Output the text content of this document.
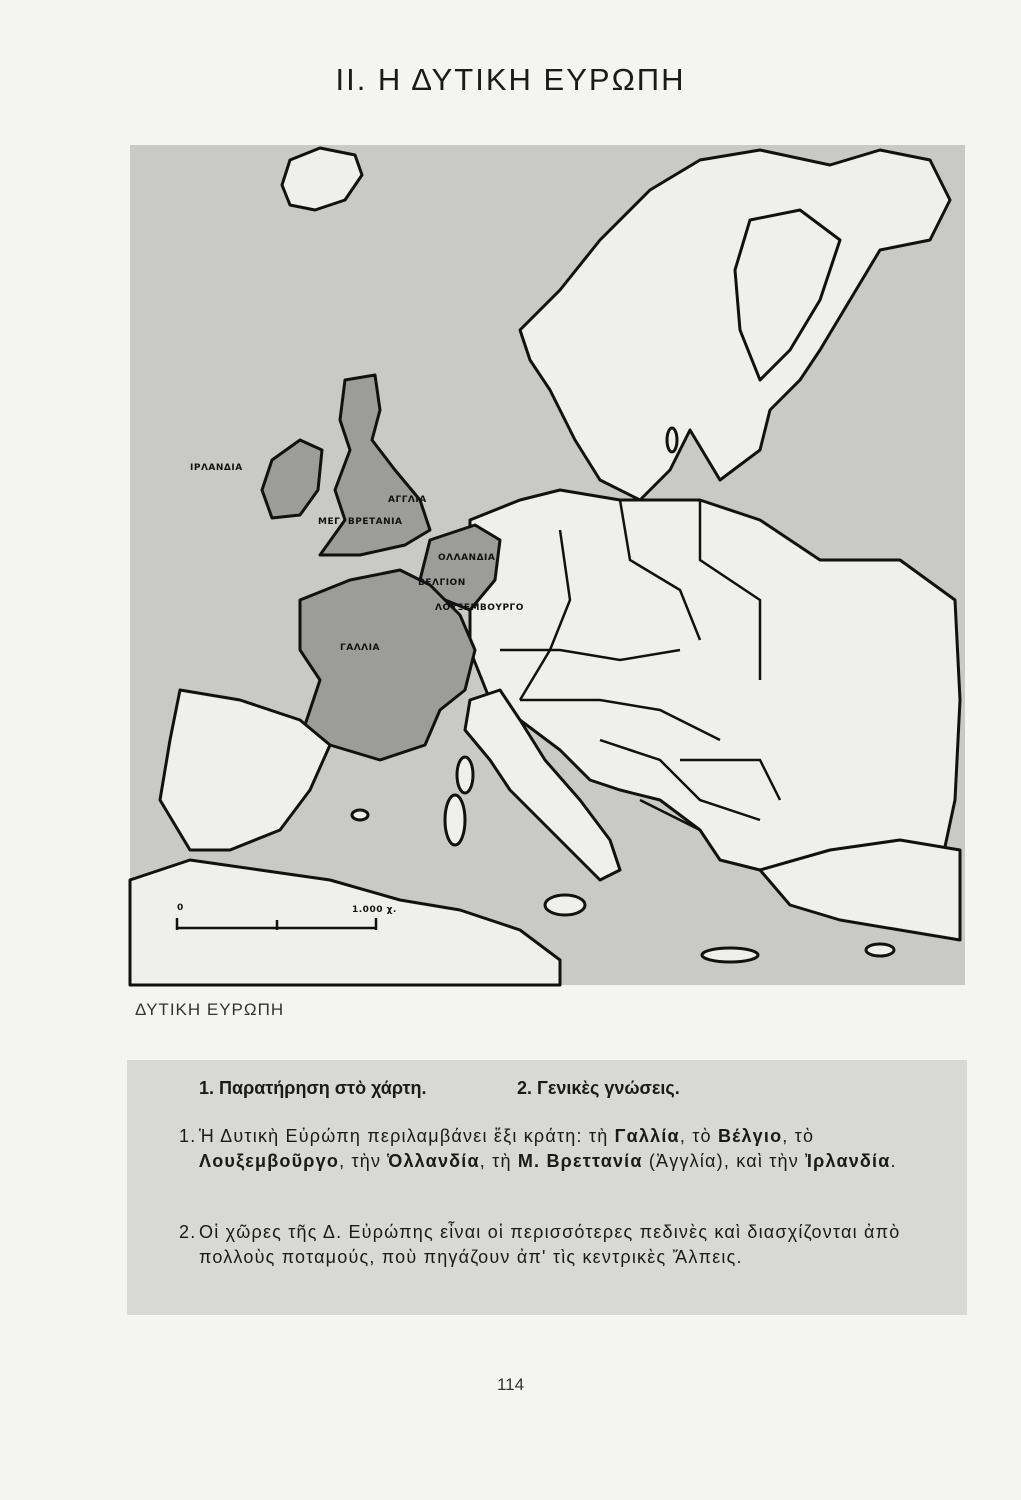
II. Η ΔΥΤΙΚΗ ΕΥΡΩΠΗ
0	1.000 χ.
ΙΡΛΑΝΔΙΑ
ΑΓΓΛΙΑ
ΜΕΓ. ΒΡΕΤΑΝΙΑ
ΟΛΛΑΝΔΙΑ
ΒΕΛΓΙΟΝ
ΛΟΥΞΕΜΒΟΥΡΓΟ
ΓΑΛΛΙΑ
ΔΥΤΙΚΗ ΕΥΡΩΠΗ
1. Παρατήρηση στὸ χάρτη.	2. Γενικὲς γνώσεις.
1. Ἡ Δυτικὴ Εὐρώπη περιλαμβάνει ἕξι κράτη: τὴ Γαλλία, τὸ Βέλγιο, τὸ Λουξεμβοῦργο, τὴν Ὁλλανδία, τὴ Μ. Βρεττανία (Ἀγγλία), καὶ τὴν Ἰρλανδία.
2. Οἱ χῶρες τῆς Δ. Εὐρώπης εἶναι οἱ περισσότερες πεδινὲς καὶ διασχίζονται ἀπὸ πολλοὺς ποταμούς, ποὺ πηγάζουν ἀπ' τὶς κεντρικὲς Ἄλπεις.
114
